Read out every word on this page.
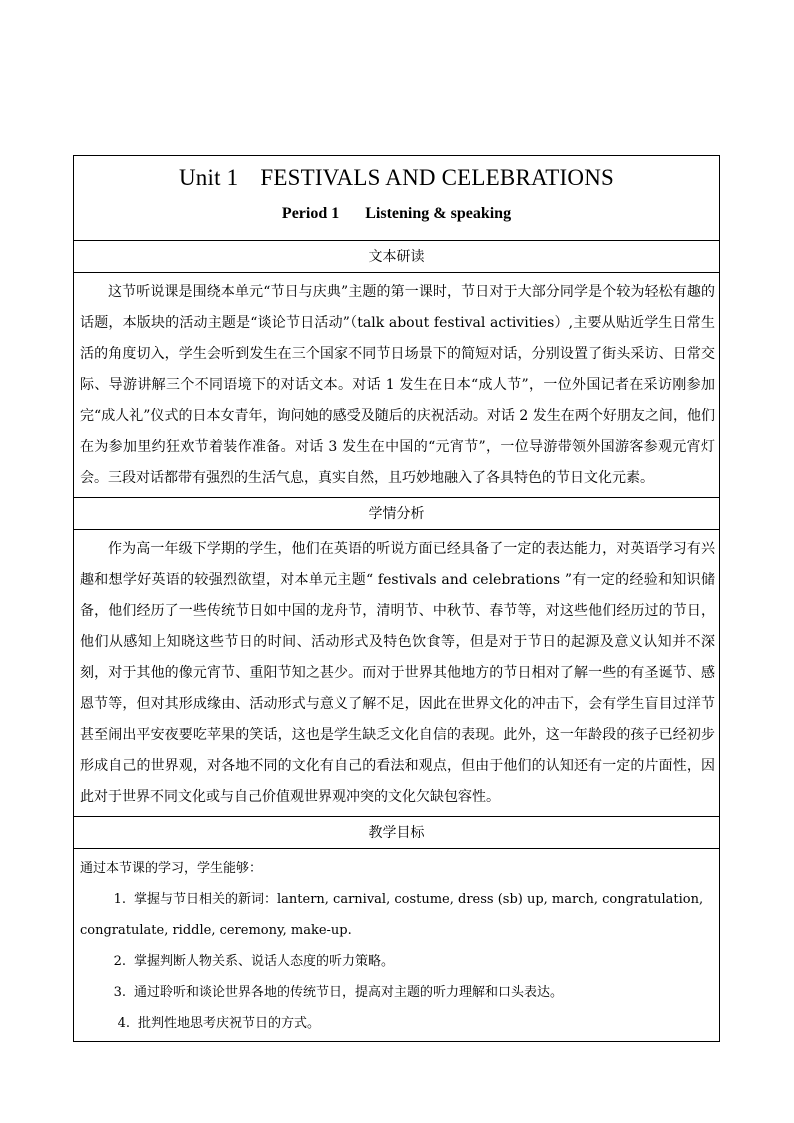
Unit 1 FESTIVALS AND CELEBRATIONS
Period 1 Listening & speaking
文本研读
这节听说课是围绕本单元“节日与庆典”主题的第一课时，节日对于大部分同学是个较为轻松有趣的话题，本版块的活动主题是“谈论节日活动”（talk about festival activities）,主要从贴近学生日常生活的角度切入，学生会听到发生在三个国家不同节日场景下的简短对话，分别设置了街头采访、日常交际、导游讲解三个不同语境下的对话文本。对话 1 发生在日本“成人节”，一位外国记者在采访刚参加完“成人礼”仪式的日本女青年，询问她的感受及随后的庆祝活动。对话 2 发生在两个好朋友之间，他们在为参加里约狂欢节着装作准备。对话 3 发生在中国的“元宵节”，一位导游带领外国游客参观元宵灯会。三段对话都带有强烈的生活气息，真实自然，且巧妙地融入了各具特色的节日文化元素。
学情分析
作为高一年级下学期的学生，他们在英语的听说方面已经具备了一定的表达能力，对英语学习有兴趣和想学好英语的较强烈欲望，对本单元主题“ festivals and celebrations ”有一定的经验和知识储备，他们经历了一些传统节日如中国的龙舟节，清明节、中秋节、春节等，对这些他们经历过的节日，他们从感知上知晓这些节日的时间、活动形式及特色饮食等，但是对于节日的起源及意义认知并不深刻，对于其他的像元宵节、重阳节知之甚少。而对于世界其他地方的节日相对了解一些的有圣诞节、感恩节等，但对其形成缘由、活动形式与意义了解不足，因此在世界文化的冲击下，会有学生盲目过洋节甚至闹出平安夜要吃苹果的笑话，这也是学生缺乏文化自信的表现。此外，这一年龄段的孩子已经初步形成自己的世界观，对各地不同的文化有自己的看法和观点，但由于他们的认知还有一定的片面性，因此对于世界不同文化或与自己价值观世界观冲突的文化欠缺包容性。
教学目标
通过本节课的学习，学生能够：
1. 掌握与节日相关的新词：lantern, carnival, costume, dress (sb) up, march, congratulation,
congratulate, riddle, ceremony, make-up.
2. 掌握判断人物关系、说话人态度的听力策略。
3. 通过聆听和谈论世界各地的传统节日，提高对主题的听力理解和口头表达。
4. 批判性地思考庆祝节日的方式。
